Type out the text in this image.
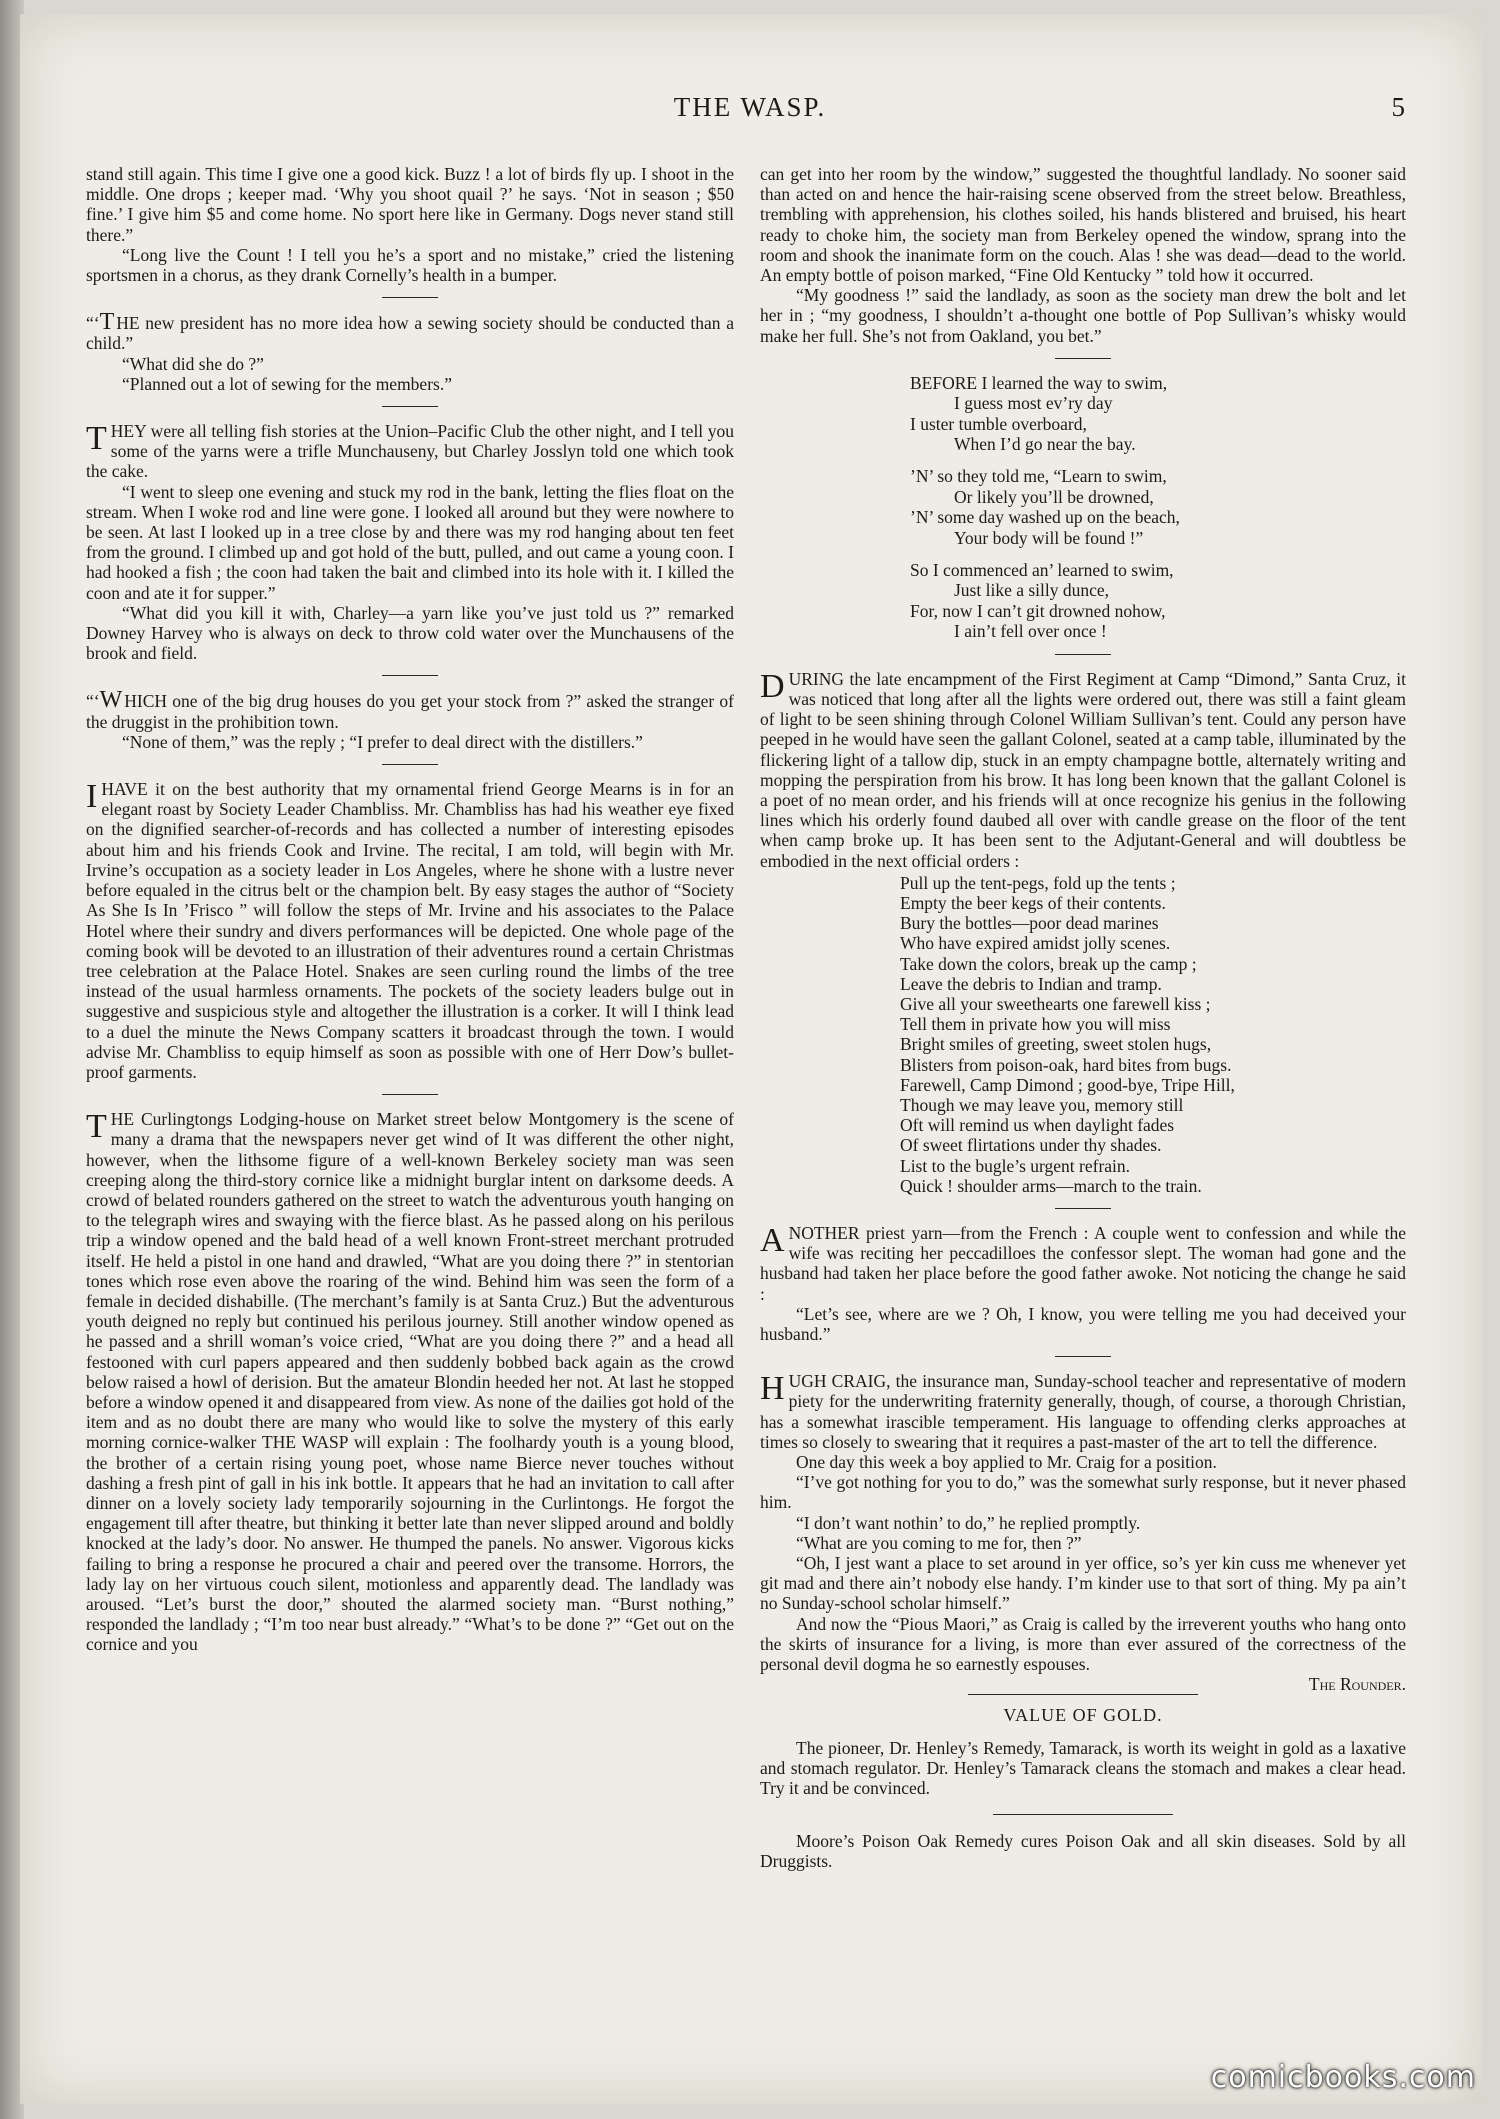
THE WASP.	5

stand still again. This time I give one a good kick. Buzz ! a lot of birds fly up. I shoot in the middle. One drops ; keeper mad. ‘Why you shoot quail ?’ he says. ‘Not in season ; $50 fine.’ I give him $5 and come home. No sport here like in Germany. Dogs never stand still there.”

“Long live the Count ! I tell you he’s a sport and no mistake,” cried the listening sportsmen in a chorus, as they drank Cornelly’s health in a bumper.

“‘T HE new president has no more idea how a sewing society should be conducted than a child.”

“What did she do ?”

“Planned out a lot of sewing for the members.”

THEY were all telling fish stories at the Union–Pacific Club the other night, and I tell you some of the yarns were a trifle Munchauseny, but Charley Josslyn told one which took the cake.

“I went to sleep one evening and stuck my rod in the bank, letting the flies float on the stream. When I woke rod and line were gone. I looked all around but they were nowhere to be seen. At last I looked up in a tree close by and there was my rod hanging about ten feet from the ground. I climbed up and got hold of the butt, pulled, and out came a young coon. I had hooked a fish ; the coon had taken the bait and climbed into its hole with it. I killed the coon and ate it for supper.”

“What did you kill it with, Charley—a yarn like you’ve just told us ?” remarked Downey Harvey who is always on deck to throw cold water over the Munchausens of the brook and field.

“‘W HICH one of the big drug houses do you get your stock from ?” asked the stranger of the druggist in the prohibition town.

“None of them,” was the reply ; “I prefer to deal direct with the distillers.”

IHAVE it on the best authority that my ornamental friend George Mearns is in for an elegant roast by Society Leader Chambliss. Mr. Chambliss has had his weather eye fixed on the dignified searcher-of-records and has collected a number of interesting episodes about him and his friends Cook and Irvine. The recital, I am told, will begin with Mr. Irvine’s occupation as a society leader in Los Angeles, where he shone with a lustre never before equaled in the citrus belt or the champion belt. By easy stages the author of “Society As She Is In ’Frisco ” will follow the steps of Mr. Irvine and his associates to the Palace Hotel where their sundry and divers performances will be depicted. One whole page of the coming book will be devoted to an illustration of their adventures round a certain Christmas tree celebration at the Palace Hotel. Snakes are seen curling round the limbs of the tree instead of the usual harmless ornaments. The pockets of the society leaders bulge out in suggestive and suspicious style and altogether the illustration is a corker. It will I think lead to a duel the minute the News Company scatters it broadcast through the town. I would advise Mr. Chambliss to equip himself as soon as possible with one of Herr Dow’s bullet-proof garments.

THE Curlingtongs Lodging-house on Market street below Montgomery is the scene of many a drama that the newspapers never get wind of It was different the other night, however, when the lithsome figure of a well-known Berkeley society man was seen creeping along the third-story cornice like a midnight burglar intent on darksome deeds. A crowd of belated rounders gathered on the street to watch the adventurous youth hanging on to the telegraph wires and swaying with the fierce blast. As he passed along on his perilous trip a window opened and the bald head of a well known Front-street merchant protruded itself. He held a pistol in one hand and drawled, “What are you doing there ?” in stentorian tones which rose even above the roaring of the wind. Behind him was seen the form of a female in decided dishabille. (The merchant’s family is at Santa Cruz.) But the adventurous youth deigned no reply but continued his perilous journey. Still another window opened as he passed and a shrill woman’s voice cried, “What are you doing there ?” and a head all festooned with curl papers appeared and then suddenly bobbed back again as the crowd below raised a howl of derision. But the amateur Blondin heeded her not. At last he stopped before a window opened it and disappeared from view. As none of the dailies got hold of the item and as no doubt there are many who would like to solve the mystery of this early morning cornice-walker THE WASP will explain : The foolhardy youth is a young blood, the brother of a certain rising young poet, whose name Bierce never touches without dashing a fresh pint of gall in his ink bottle. It appears that he had an invitation to call after dinner on a lovely society lady temporarily sojourning in the Curlintongs. He forgot the engagement till after theatre, but thinking it better late than never slipped around and boldly knocked at the lady’s door. No answer. He thumped the panels. No answer. Vigorous kicks failing to bring a response he procured a chair and peered over the transome. Horrors, the lady lay on her virtuous couch silent, motionless and apparently dead. The landlady was aroused. “Let’s burst the door,” shouted the alarmed society man. “Burst nothing,” responded the landlady ; “I’m too near bust already.” “What’s to be done ?” “Get out on the cornice and you

can get into her room by the window,” suggested the thoughtful landlady. No sooner said than acted on and hence the hair-raising scene observed from the street below. Breathless, trembling with apprehension, his clothes soiled, his hands blistered and bruised, his heart ready to choke him, the society man from Berkeley opened the window, sprang into the room and shook the inanimate form on the couch. Alas ! she was dead—dead to the world. An empty bottle of poison marked, “Fine Old Kentucky ” told how it occurred.

“My goodness !” said the landlady, as soon as the society man drew the bolt and let her in ; “my goodness, I shouldn’t a-thought one bottle of Pop Sullivan’s whisky would make her full. She’s not from Oakland, you bet.”

BEFORE I learned the way to swim,
I guess most ev’ry day
I uster tumble overboard,
When I’d go near the bay.
’N’ so they told me, “Learn to swim,
Or likely you’ll be drowned,
’N’ some day washed up on the beach,
Your body will be found !”
So I commenced an’ learned to swim,
Just like a silly dunce,
For, now I can’t git drowned nohow,
I ain’t fell over once !

DURING the late encampment of the First Regiment at Camp “Dimond,” Santa Cruz, it was noticed that long after all the lights were ordered out, there was still a faint gleam of light to be seen shining through Colonel William Sullivan’s tent. Could any person have peeped in he would have seen the gallant Colonel, seated at a camp table, illuminated by the flickering light of a tallow dip, stuck in an empty champagne bottle, alternately writing and mopping the perspiration from his brow. It has long been known that the gallant Colonel is a poet of no mean order, and his friends will at once recognize his genius in the following lines which his orderly found daubed all over with candle grease on the floor of the tent when camp broke up. It has been sent to the Adjutant-General and will doubtless be embodied in the next official orders :

Pull up the tent-pegs, fold up the tents ;
Empty the beer kegs of their contents.
Bury the bottles—poor dead marines
Who have expired amidst jolly scenes.
Take down the colors, break up the camp ;
Leave the debris to Indian and tramp.
Give all your sweethearts one farewell kiss ;
Tell them in private how you will miss
Bright smiles of greeting, sweet stolen hugs,
Blisters from poison-oak, hard bites from bugs.
Farewell, Camp Dimond ; good-bye, Tripe Hill,
Though we may leave you, memory still
Oft will remind us when daylight fades
Of sweet flirtations under thy shades.
List to the bugle’s urgent refrain.
Quick ! shoulder arms—march to the train.

ANOTHER priest yarn—from the French : A couple went to confession and while the wife was reciting her peccadilloes the confessor slept. The woman had gone and the husband had taken her place before the good father awoke. Not noticing the change he said :

“Let’s see, where are we ? Oh, I know, you were telling me you had deceived your husband.”

HUGH CRAIG, the insurance man, Sunday-school teacher and representative of modern piety for the underwriting fraternity generally, though, of course, a thorough Christian, has a somewhat irascible temperament. His language to offending clerks approaches at times so closely to swearing that it requires a past-master of the art to tell the difference.

One day this week a boy applied to Mr. Craig for a position.

“I’ve got nothing for you to do,” was the somewhat surly response, but it never phased him.

“I don’t want nothin’ to do,” he replied promptly.

“What are you coming to me for, then ?”

“Oh, I jest want a place to set around in yer office, so’s yer kin cuss me whenever yet git mad and there ain’t nobody else handy. I’m kinder use to that sort of thing. My pa ain’t no Sunday-school scholar himself.”

And now the “Pious Maori,” as Craig is called by the irreverent youths who hang onto the skirts of insurance for a living, is more than ever assured of the correctness of the personal devil dogma he so earnestly espouses.

The Rounder.

VALUE OF GOLD.

The pioneer, Dr. Henley’s Remedy, Tamarack, is worth its weight in gold as a laxative and stomach regulator. Dr. Henley’s Tamarack cleans the stomach and makes a clear head. Try it and be convinced.

Moore’s Poison Oak Remedy cures Poison Oak and all skin diseases. Sold by all Druggists.

comicbooks.com
